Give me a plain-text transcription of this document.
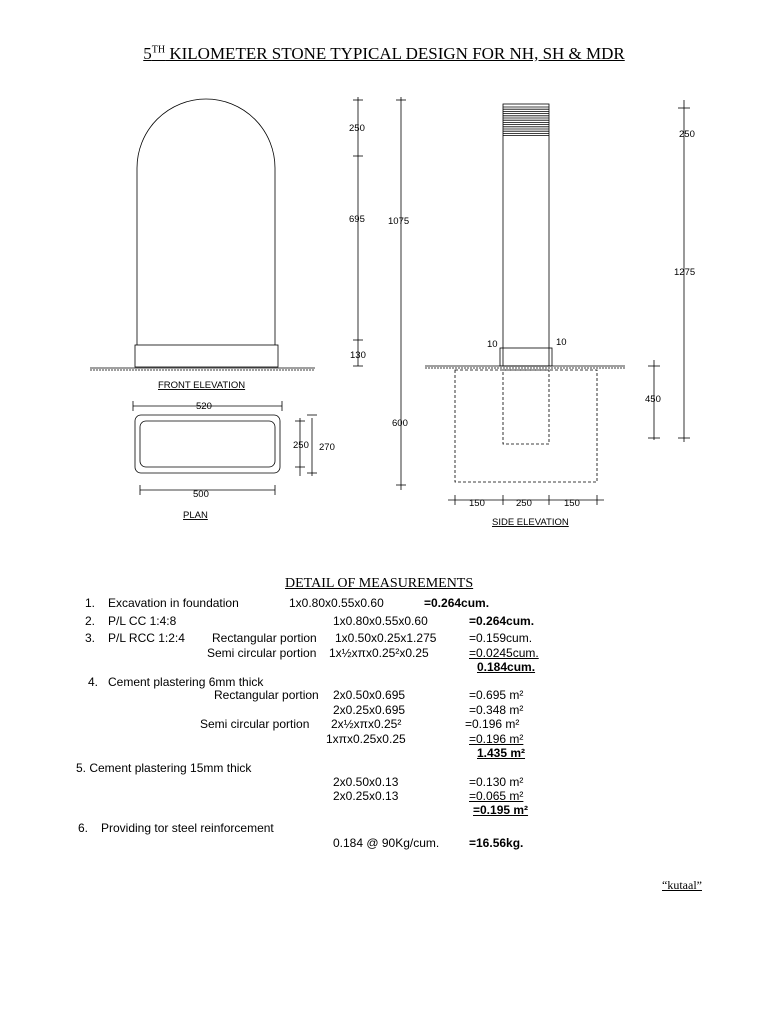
5TH KILOMETER STONE TYPICAL DESIGN FOR NH, SH & MDR
250
695 1075
130
600
FRONT ELEVATION
520
500
250 270
PLAN
10	10
250
1275
450
150	250	150
SIDE ELEVATION
DETAIL OF MEASUREMENTS
1. Excavation in foundation	1x0.80x0.55x0.60	=0.264cum.
2. P/L CC 1:4:8	1x0.80x0.55x0.60	=0.264cum.
3. P/L RCC 1:2:4 Rectangular portion 1x0.50x0.25x1.275	=0.159cum.
Semi circular portion 1x½xπx0.25²x0.25	=0.0245cum.
0.184cum.
4. Cement plastering 6mm thick
Rectangular portion 2x0.50x0.695	=0.695 m²
2x0.25x0.695	=0.348 m²
Semi circular portion 2x½xπx0.25²	=0.196 m²
1xπx0.25x0.25	=0.196 m²
1.435 m²
5. Cement plastering 15mm thick
2x0.50x0.13	=0.130 m²
2x0.25x0.13	=0.065 m²
=0.195 m²
6. Providing tor steel reinforcement
0.184 @ 90Kg/cum. =16.56kg.
“kutaal”
